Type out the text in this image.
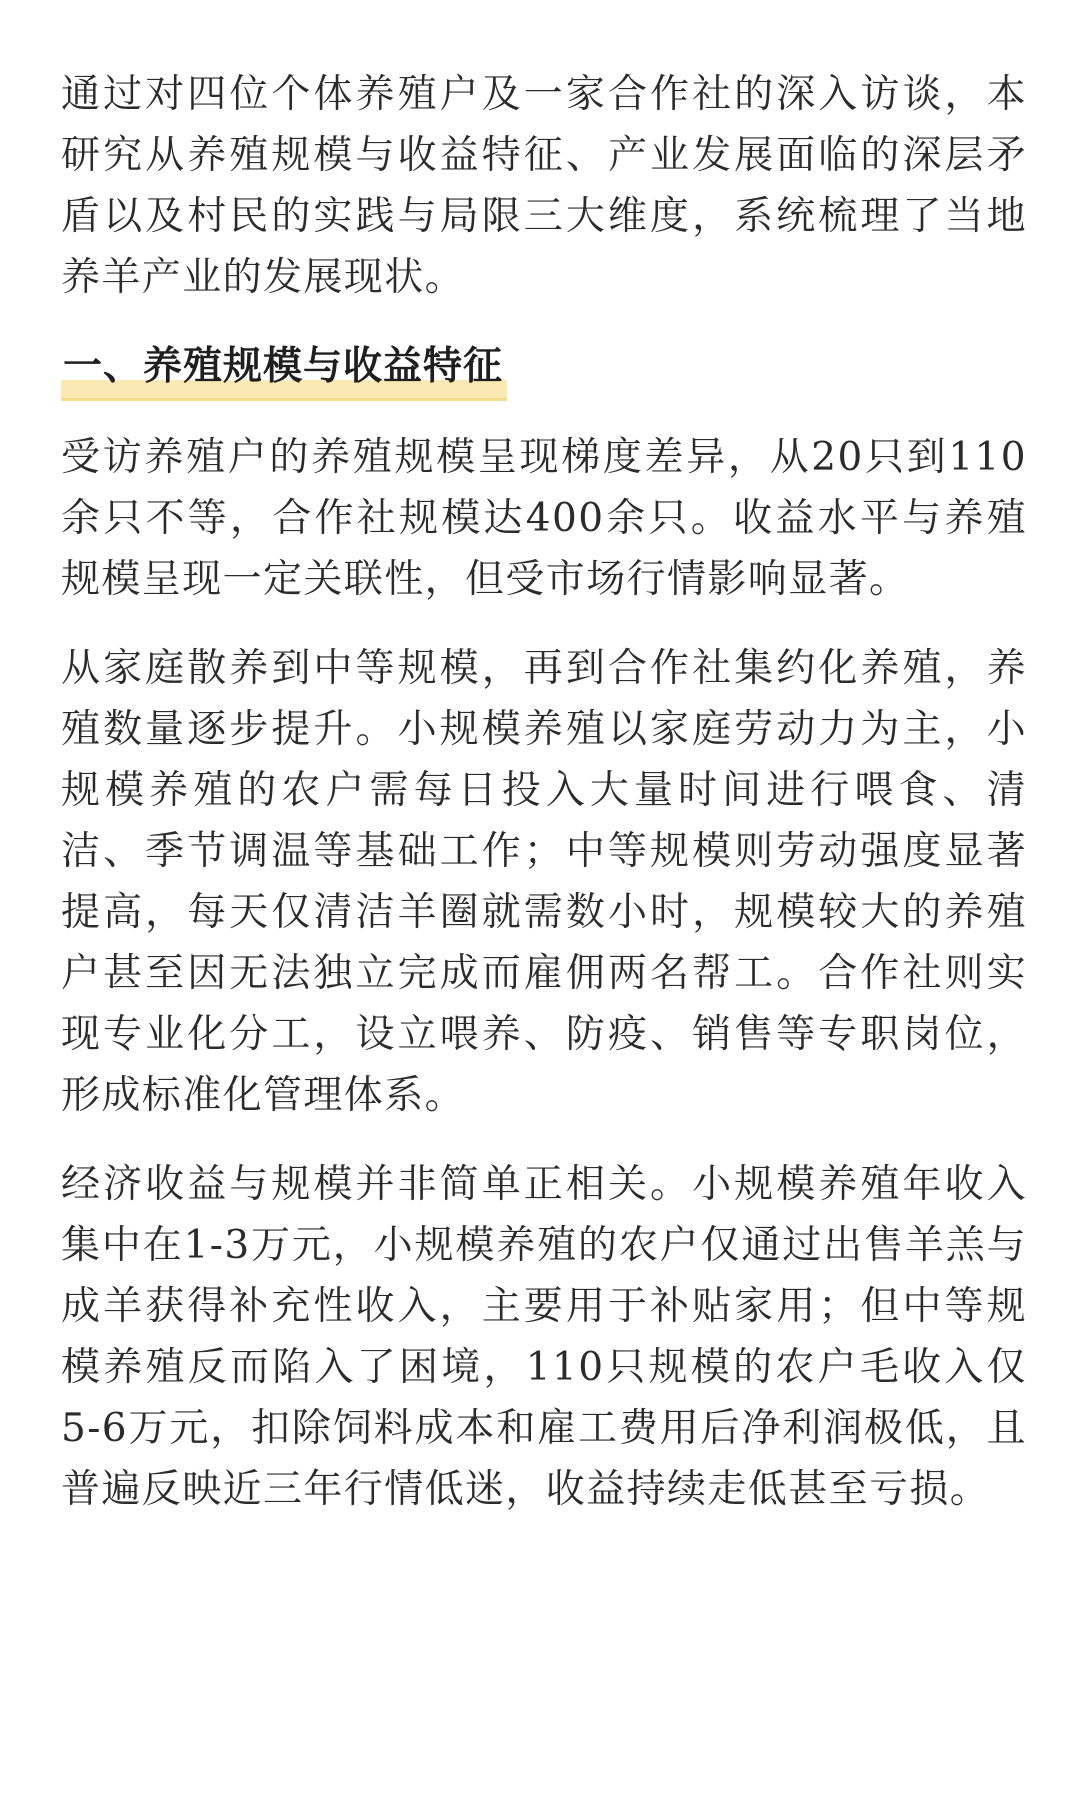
通过对四位个体养殖户及一家合作社的深入访谈，本研究从养殖规模与收益特征、产业发展面临的深层矛盾以及村民的实践与局限三大维度，系统梳理了当地养羊产业的发展现状。

一、养殖规模与收益特征

受访养殖户的养殖规模呈现梯度差异，从20只到110余只不等，合作社规模达400余只。收益水平与养殖规模呈现一定关联性，但受市场行情影响显著。

从家庭散养到中等规模，再到合作社集约化养殖，养殖数量逐步提升。小规模养殖以家庭劳动力为主，小规模养殖的农户需每日投入大量时间进行喂食、清洁、季节调温等基础工作；中等规模则劳动强度显著提高，每天仅清洁羊圈就需数小时，规模较大的养殖户甚至因无法独立完成而雇佣两名帮工。合作社则实现专业化分工，设立喂养、防疫、销售等专职岗位，形成标准化管理体系。

经济收益与规模并非简单正相关。小规模养殖年收入集中在1-3万元，小规模养殖的农户仅通过出售羊羔与成羊获得补充性收入，主要用于补贴家用；但中等规模养殖反而陷入了困境，110只规模的农户毛收入仅5-6万元，扣除饲料成本和雇工费用后净利润极低，且普遍反映近三年行情低迷，收益持续走低甚至亏损。
